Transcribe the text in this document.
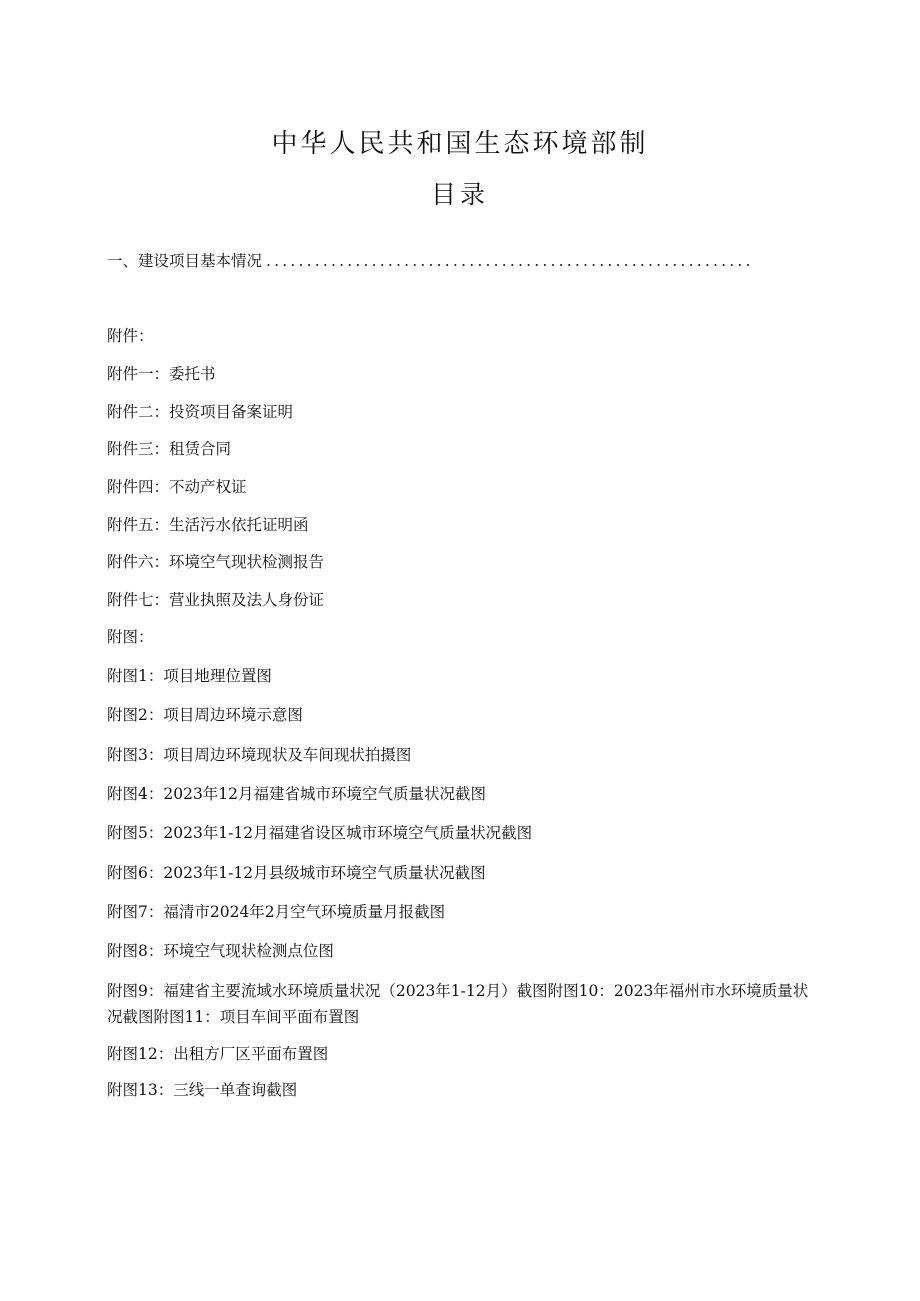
中华人民共和国生态环境部制
目录
一、建设项目基本情况 ............................................................
附件：
附件一：委托书
附件二：投资项目备案证明
附件三：租赁合同
附件四：不动产权证
附件五：生活污水依托证明函
附件六：环境空气现状检测报告
附件七：营业执照及法人身份证
附图：
附图1：项目地理位置图
附图2：项目周边环境示意图
附图3：项目周边环境现状及车间现状拍摄图
附图4：2023年12月福建省城市环境空气质量状况截图
附图5：2023年1-12月福建省设区城市环境空气质量状况截图
附图6：2023年1-12月县级城市环境空气质量状况截图
附图7：福清市2024年2月空气环境质量月报截图
附图8：环境空气现状检测点位图
附图9：福建省主要流域水环境质量状况（2023年1-12月）截图附图10：2023年福州市水环境质量状况截图附图11：项目车间平面布置图
附图12：出租方厂区平面布置图
附图13：三线一单查询截图
